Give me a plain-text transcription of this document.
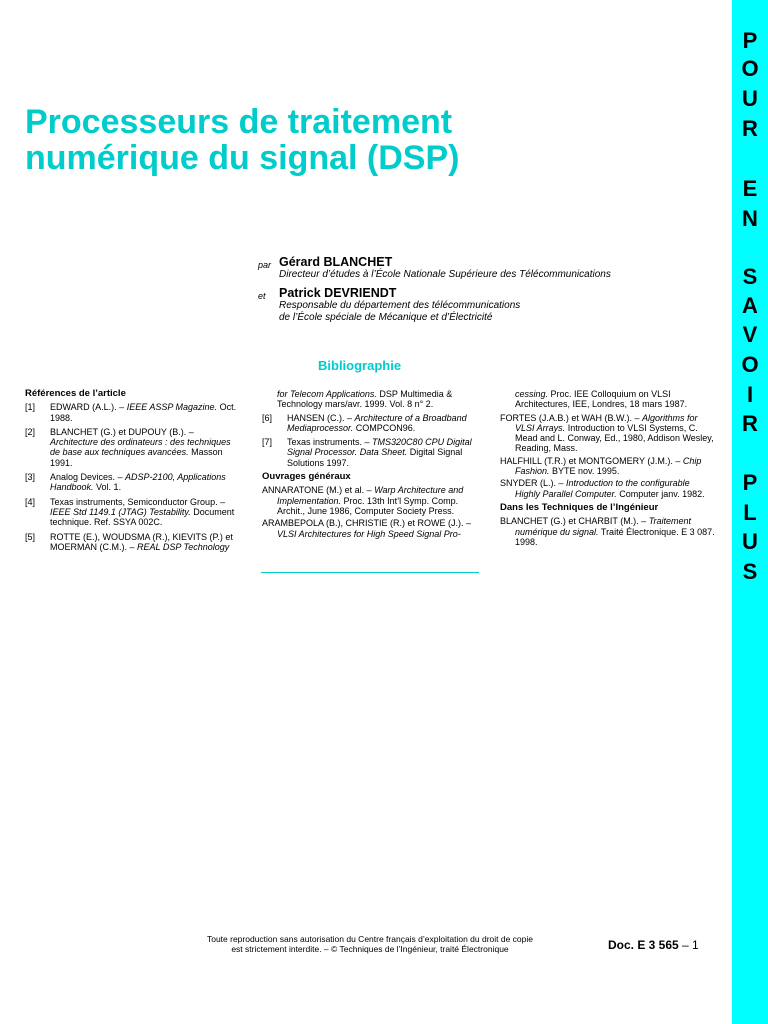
P
O
U
R
E
N
S
A
V
O
I
R
P
L
U
S
Processeurs de traitement
numérique du signal (DSP)
par Gérard BLANCHET
Directeur d’études à l’École Nationale Supérieure des Télécommunications
et Patrick DEVRIENDT
Responsable du département des télécommunications
de l’École spéciale de Mécanique et d’Électricité
Bibliographie
Références de l’article
[1] EDWARD (A.L.). – IEEE ASSP Magazine. Oct. 1988.
[2] BLANCHET (G.) et DUPOUY (B.). – Architecture des ordinateurs : des techniques de base aux techniques avancées. Masson 1991.
[3] Analog Devices. – ADSP-2100, Applications Handbook. Vol. 1.
[4] Texas instruments, Semiconductor Group. – IEEE Std 1149.1 (JTAG) Testability. Document technique. Ref. SSYA 002C.
[5] ROTTE (E.), WOUDSMA (R.), KIEVITS (P.) et MOERMAN (C.M.). – REAL DSP Technology
for Telecom Applications. DSP Multimedia & Technology mars/avr. 1999. Vol. 8 n° 2.
[6] HANSEN (C.). – Architecture of a Broadband Mediaprocessor. COMPCON96.
[7] Texas instruments. – TMS320C80 CPU Digital Signal Processor. Data Sheet. Digital Signal Solutions 1997.
Ouvrages généraux
ANNARATONE (M.) et al. – Warp Architecture and Implementation. Proc. 13th Int’l Symp. Comp. Archit., June 1986, Computer Society Press.
ARAMBEPOLA (B.), CHRISTIE (R.) et ROWE (J.). – VLSI Architectures for High Speed Signal Pro-
cessing. Proc. IEE Colloquium on VLSI Architectures, IEE, Londres, 18 mars 1987.
FORTES (J.A.B.) et WAH (B.W.). – Algorithms for VLSI Arrays. Introduction to VLSI Systems, C. Mead and L. Conway, Ed., 1980, Addison Wesley, Reading, Mass.
HALFHILL (T.R.) et MONTGOMERY (J.M.). – Chip Fashion. BYTE nov. 1995.
SNYDER (L.). – Introduction to the configurable Highly Parallel Computer. Computer janv. 1982.
Dans les Techniques de l’Ingénieur
BLANCHET (G.) et CHARBIT (M.). – Traitement numérique du signal. Traité Électronique. E 3 087. 1998.
Toute reproduction sans autorisation du Centre français d’exploitation du droit de copie
est strictement interdite. – © Techniques de l’Ingénieur, traité Électronique	Doc. E 3 565 – 1
